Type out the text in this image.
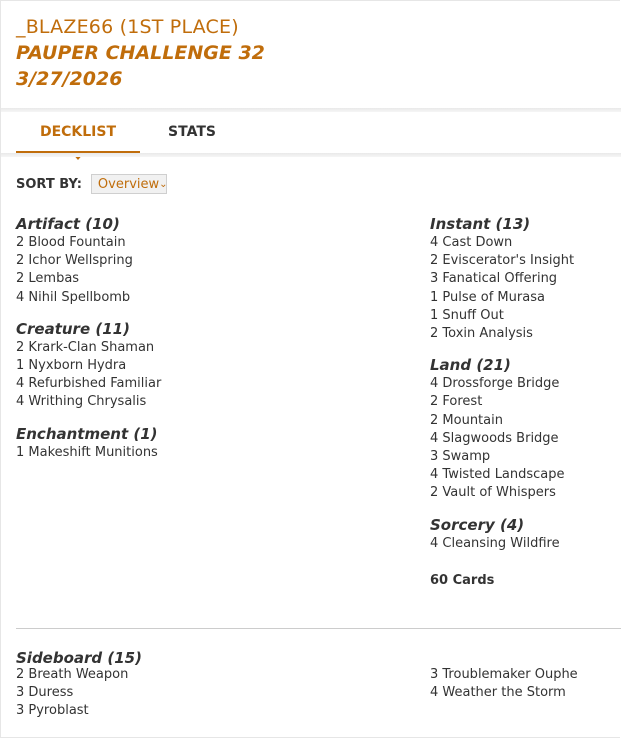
_BLAZE66 (1ST PLACE)
PAUPER CHALLENGE 32
3/27/2026
DECKLIST	STATS
SORT BY: Overview ⌄
Artifact (10)
2 Blood Fountain
2 Ichor Wellspring
2 Lembas
4 Nihil Spellbomb
Creature (11)
2 Krark-Clan Shaman
1 Nyxborn Hydra
4 Refurbished Familiar
4 Writhing Chrysalis
Enchantment (1)
1 Makeshift Munitions
Instant (13)
4 Cast Down
2 Eviscerator's Insight
3 Fanatical Offering
1 Pulse of Murasa
1 Snuff Out
2 Toxin Analysis
Land (21)
4 Drossforge Bridge
2 Forest
2 Mountain
4 Slagwoods Bridge
3 Swamp
4 Twisted Landscape
2 Vault of Whispers
Sorcery (4)
4 Cleansing Wildfire
60 Cards
Sideboard (15)
2 Breath Weapon
3 Duress
3 Pyroblast
3 Troublemaker Ouphe
4 Weather the Storm
